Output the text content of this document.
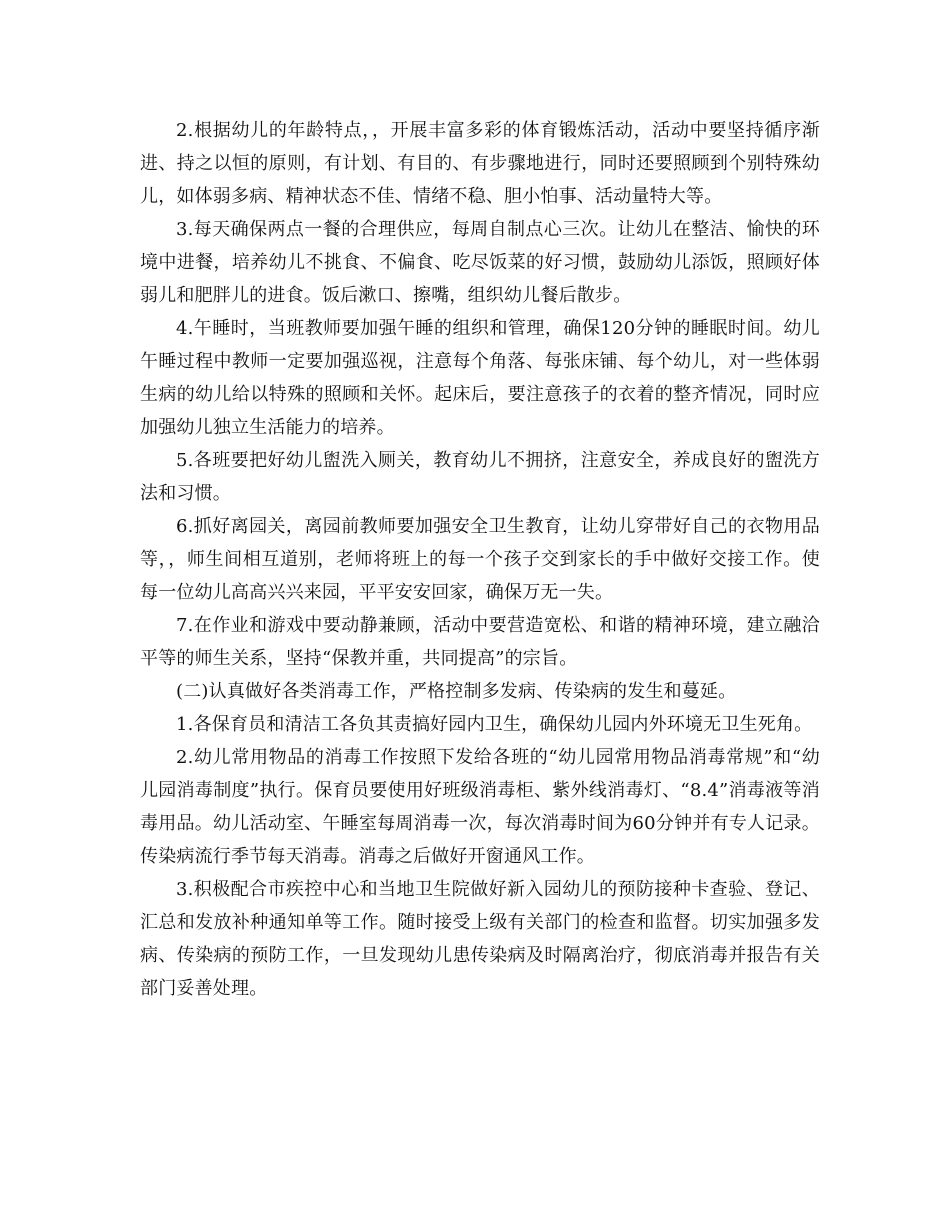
2.根据幼儿的年龄特点，，开展丰富多彩的体育锻炼活动，活动中要坚持循序渐进、持之以恒的原则，有计划、有目的、有步骤地进行，同时还要照顾到个别特殊幼儿，如体弱多病、精神状态不佳、情绪不稳、胆小怕事、活动量特大等。

3.每天确保两点一餐的合理供应，每周自制点心三次。让幼儿在整洁、愉快的环境中进餐，培养幼儿不挑食、不偏食、吃尽饭菜的好习惯，鼓励幼儿添饭，照顾好体弱儿和肥胖儿的进食。饭后漱口、擦嘴，组织幼儿餐后散步。

4.午睡时，当班教师要加强午睡的组织和管理，确保120分钟的睡眠时间。幼儿午睡过程中教师一定要加强巡视，注意每个角落、每张床铺、每个幼儿，对一些体弱生病的幼儿给以特殊的照顾和关怀。起床后，要注意孩子的衣着的整齐情况，同时应加强幼儿独立生活能力的培养。

5.各班要把好幼儿盥洗入厕关，教育幼儿不拥挤，注意安全，养成良好的盥洗方法和习惯。

6.抓好离园关，离园前教师要加强安全卫生教育，让幼儿穿带好自己的衣物用品等，，师生间相互道别，老师将班上的每一个孩子交到家长的手中做好交接工作。使每一位幼儿高高兴兴来园，平平安安回家，确保万无一失。

7.在作业和游戏中要动静兼顾，活动中要营造宽松、和谐的精神环境，建立融洽平等的师生关系，坚持“保教并重，共同提高”的宗旨。

(二)认真做好各类消毒工作，严格控制多发病、传染病的发生和蔓延。

1.各保育员和清洁工各负其责搞好园内卫生，确保幼儿园内外环境无卫生死角。

2.幼儿常用物品的消毒工作按照下发给各班的“幼儿园常用物品消毒常规”和“幼儿园消毒制度”执行。保育员要使用好班级消毒柜、紫外线消毒灯、“8.4”消毒液等消毒用品。幼儿活动室、午睡室每周消毒一次，每次消毒时间为60分钟并有专人记录。传染病流行季节每天消毒。消毒之后做好开窗通风工作。

3.积极配合市疾控中心和当地卫生院做好新入园幼儿的预防接种卡查验、登记、汇总和发放补种通知单等工作。随时接受上级有关部门的检查和监督。切实加强多发病、传染病的预防工作，一旦发现幼儿患传染病及时隔离治疗，彻底消毒并报告有关部门妥善处理。
